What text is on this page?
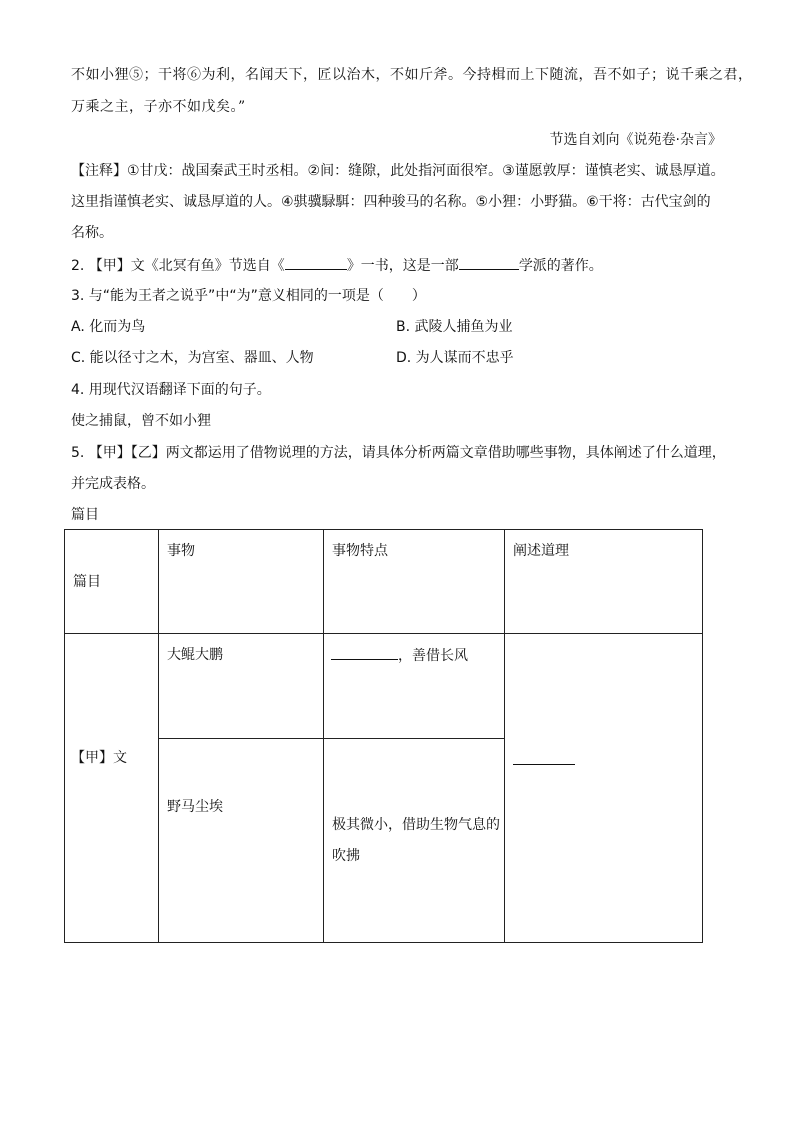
不如小狸⑤；干将⑥为利，名闻天下，匠以治木，不如斤斧。今持楫而上下随流，吾不如子；说千乘之君，
万乘之主，子亦不如戊矣。”
节选自刘向《说苑卷·杂言》
【注释】①甘戊：战国秦武王时丞相。②间：缝隙，此处指河面很窄。③谨愿敦厚：谨慎老实、诚恳厚道。
这里指谨慎老实、诚恳厚道的人。④骐骥騄駬：四种骏马的名称。⑤小狸：小野猫。⑥干将：古代宝剑的
名称。
2. 【甲】文《北冥有鱼》节选自《	》一书，这是一部	学派的著作。
3. 与“能为王者之说乎”中“为”意义相同的一项是（　　）
A. 化而为鸟	B. 武陵人捕鱼为业
C. 能以径寸之木，为宫室、器皿、人物	D. 为人谋而不忠乎
4. 用现代汉语翻译下面的句子。
使之捕鼠，曾不如小狸
5. 【甲】【乙】两文都运用了借物说理的方法，请具体分析两篇文章借助哪些事物，具体阐述了什么道理，
并完成表格。
篇目
篇目	事物	事物特点	阐述道理

【甲】文	大鲲大鹏	，善借长风	

	野马尘埃	极其微小，借助生物气息的
吹拂	
